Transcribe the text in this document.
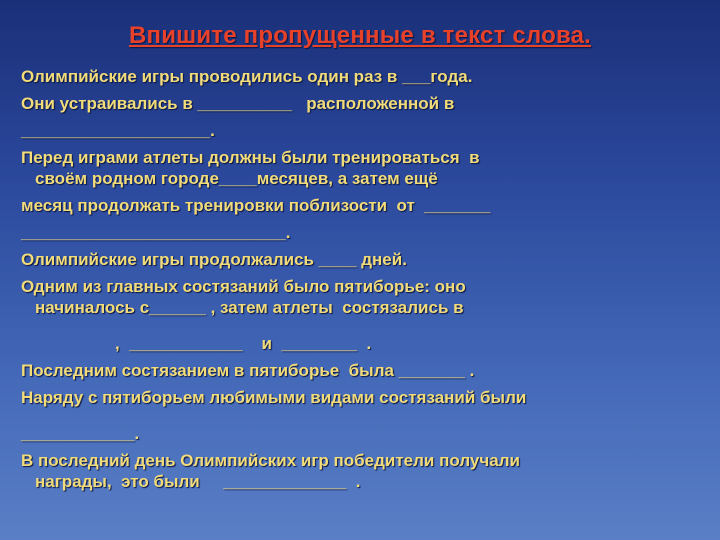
Впишите пропущенные в текст слова.
Олимпийские игры проводились один раз в ___года.
Они устраивались в __________   расположенной в
____________________.
Перед играми атлеты должны были тренироваться  в
своём родном городе____месяцев, а затем ещё
месяц продолжать тренировки поблизости  от  _______
____________________________.
Олимпийские игры продолжались ____ дней.
Одним из главных состязаний было пятиборье: оно
начиналось с______ , затем атлеты  состязались в
,  ____________    и  ________  .
Последним состязанием в пятиборье  была _______ .
Наряду с пятиборьем любимыми видами состязаний были
____________.
В последний день Олимпийских игр победители получали
награды,  это были     _____________  .
